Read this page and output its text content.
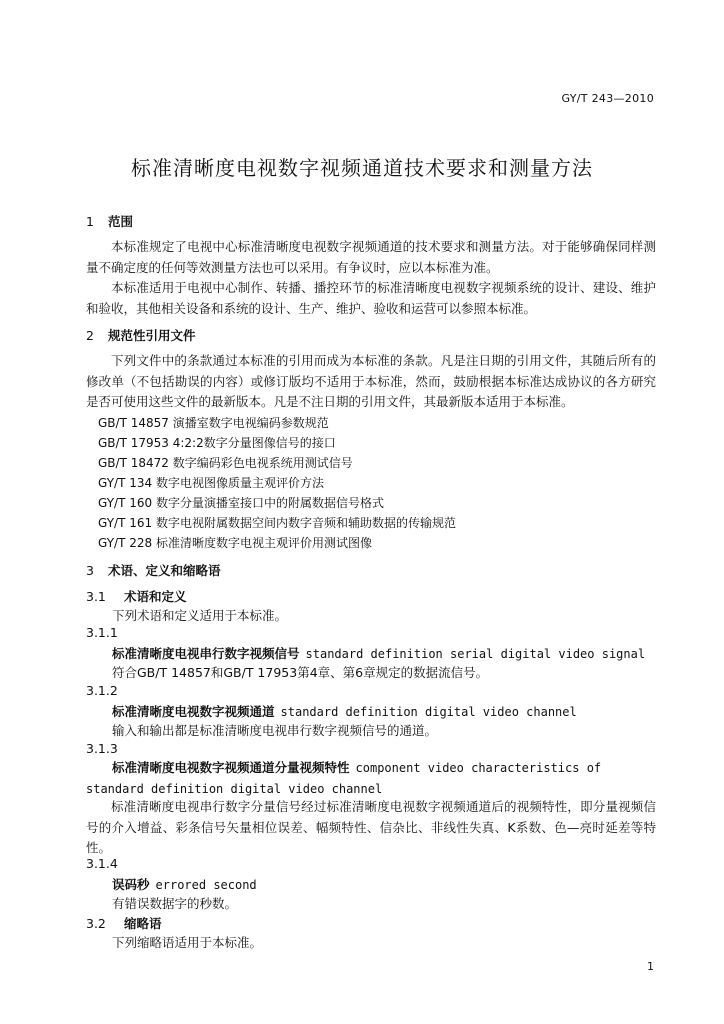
GY/T 243—2010
标准清晰度电视数字视频通道技术要求和测量方法
1 范围
本标准规定了电视中心标准清晰度电视数字视频通道的技术要求和测量方法。对于能够确保同样测量不确定度的任何等效测量方法也可以采用。有争议时，应以本标准为准。
本标准适用于电视中心制作、转播、播控环节的标准清晰度电视数字视频系统的设计、建设、维护和验收，其他相关设备和系统的设计、生产、维护、验收和运营可以参照本标准。
2 规范性引用文件
下列文件中的条款通过本标准的引用而成为本标准的条款。凡是注日期的引用文件，其随后所有的修改单（不包括勘误的内容）或修订版均不适用于本标准，然而，鼓励根据本标准达成协议的各方研究是否可使用这些文件的最新版本。凡是不注日期的引用文件，其最新版本适用于本标准。
GB/T 14857 演播室数字电视编码参数规范
GB/T 17953 4:2:2数字分量图像信号的接口
GB/T 18472 数字编码彩色电视系统用测试信号
GY/T 134 数字电视图像质量主观评价方法
GY/T 160 数字分量演播室接口中的附属数据信号格式
GY/T 161 数字电视附属数据空间内数字音频和辅助数据的传输规范
GY/T 228 标准清晰度数字电视主观评价用测试图像
3 术语、定义和缩略语
3.1 术语和定义
下列术语和定义适用于本标准。
3.1.1
标准清晰度电视串行数字视频信号 standard definition serial digital video signal
符合GB/T 14857和GB/T 17953第4章、第6章规定的数据流信号。
3.1.2
标准清晰度电视数字视频通道 standard definition digital video channel
输入和输出都是标准清晰度电视串行数字视频信号的通道。
3.1.3
标准清晰度电视数字视频通道分量视频特性 component video characteristics of standard definition digital video channel
标准清晰度电视串行数字分量信号经过标准清晰度电视数字视频通道后的视频特性，即分量视频信号的介入增益、彩条信号矢量相位误差、幅频特性、信杂比、非线性失真、K系数、色—亮时延差等特性。
3.1.4
误码秒 errored second
有错误数据字的秒数。
3.2 缩略语
下列缩略语适用于本标准。
1
